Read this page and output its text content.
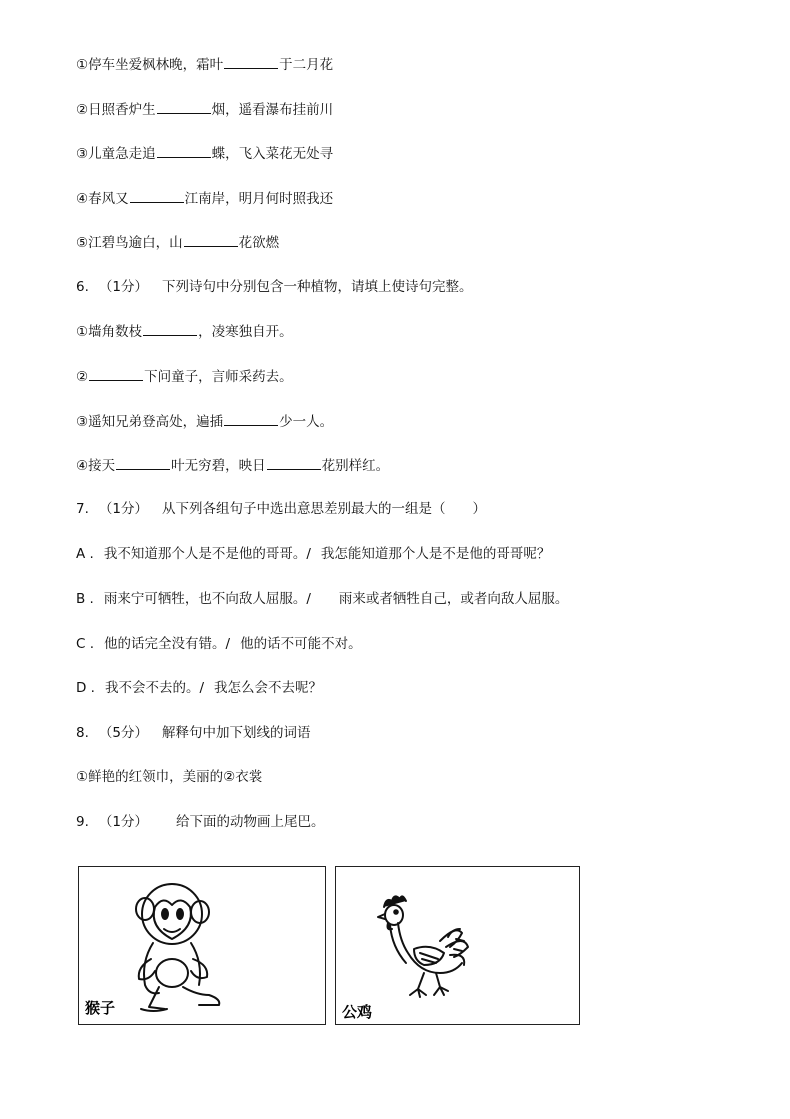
①停车坐爱枫林晚，霜叶	于二月花
②日照香炉生	烟，遥看瀑布挂前川
③儿童急走追	蝶，飞入菜花无处寻
④春风又	江南岸，明月何时照我还
⑤江碧鸟逾白，山	花欲燃
6. （1分） 下列诗句中分别包含一种植物，请填上使诗句完整。
①墙角数枝	，凌寒独自开。
②	下问童子，言师采药去。
③遥知兄弟登高处，遍插	少一人。
④接天	叶无穷碧，映日	花别样红。
7. （1分） 从下列各组句子中选出意思差别最大的一组是（　　）
A . 我不知道那个人是不是他的哥哥。/ 我怎能知道那个人是不是他的哥哥呢？
B . 雨来宁可牺牲，也不向敌人屈服。/ 雨来或者牺牲自己，或者向敌人屈服。
C . 他的话完全没有错。/ 他的话不可能不对。
D . 我不会不去的。/ 我怎么会不去呢？
8. （5分） 解释句中加下划线的词语
①鲜艳的红领巾，美丽的②衣裳
9. （1分） 给下面的动物画上尾巴。
猴子	公鸡
